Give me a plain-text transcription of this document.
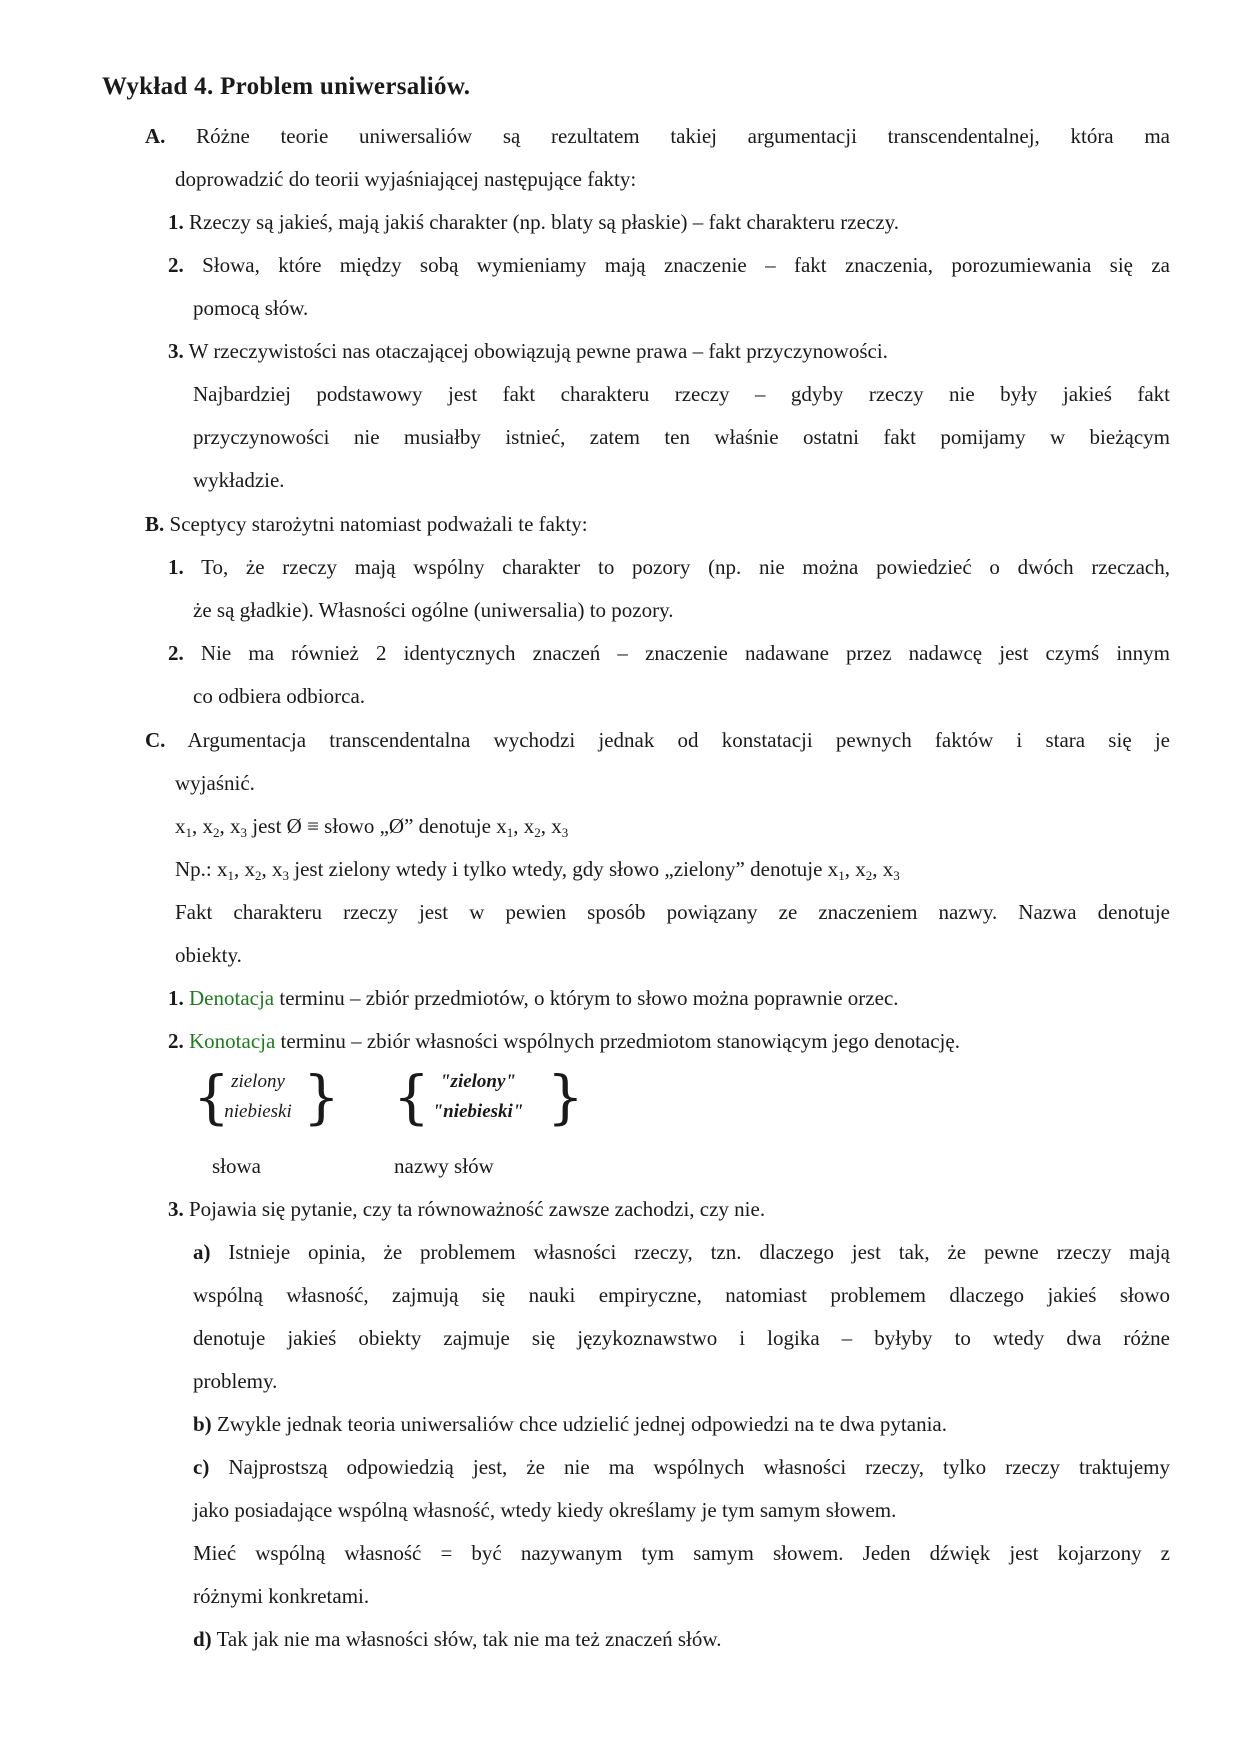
Wykład 4. Problem uniwersaliów.
A. Różne teorie uniwersaliów są rezultatem takiej argumentacji transcendentalnej, która ma
doprowadzić do teorii wyjaśniającej następujące fakty:
1. Rzeczy są jakieś, mają jakiś charakter (np. blaty są płaskie) – fakt charakteru rzeczy.
2. Słowa, które między sobą wymieniamy mają znaczenie – fakt znaczenia, porozumiewania się za
pomocą słów.
3. W rzeczywistości nas otaczającej obowiązują pewne prawa – fakt przyczynowości.
Najbardziej podstawowy jest fakt charakteru rzeczy – gdyby rzeczy nie były jakieś fakt
przyczynowości nie musiałby istnieć, zatem ten właśnie ostatni fakt pomijamy w bieżącym
wykładzie.
B. Sceptycy starożytni natomiast podważali te fakty:
1. To, że rzeczy mają wspólny charakter to pozory (np. nie można powiedzieć o dwóch rzeczach,
że są gładkie). Własności ogólne (uniwersalia) to pozory.
2. Nie ma również 2 identycznych znaczeń – znaczenie nadawane przez nadawcę jest czymś innym
co odbiera odbiorca.
C. Argumentacja transcendentalna wychodzi jednak od konstatacji pewnych faktów i stara się je
wyjaśnić.
$x_1$, $x_2$, $x_3$ jest Ø ≡ słowo „Ø” denotuje $x_1$, $x_2$, $x_3$
Np.: $x_1$, $x_2$, $x_3$ jest zielony wtedy i tylko wtedy, gdy słowo „zielony” denotuje $x_1$, $x_2$, $x_3$
Fakt charakteru rzeczy jest w pewien sposób powiązany ze znaczeniem nazwy. Nazwa denotuje
obiekty.
1. Denotacja terminu – zbiór przedmiotów, o którym to słowo można poprawnie orzec.
2. Konotacja terminu – zbiór własności wspólnych przedmiotom stanowiącym jego denotację.
{ zielony
niebieski } { "zielony"
"niebieski" }
słowa	nazwy słów
3. Pojawia się pytanie, czy ta równoważność zawsze zachodzi, czy nie.
a) Istnieje opinia, że problemem własności rzeczy, tzn. dlaczego jest tak, że pewne rzeczy mają
wspólną własność, zajmują się nauki empiryczne, natomiast problemem dlaczego jakieś słowo
denotuje jakieś obiekty zajmuje się językoznawstwo i logika – byłyby to wtedy dwa różne
problemy.
b) Zwykle jednak teoria uniwersaliów chce udzielić jednej odpowiedzi na te dwa pytania.
c) Najprostszą odpowiedzią jest, że nie ma wspólnych własności rzeczy, tylko rzeczy traktujemy
jako posiadające wspólną własność, wtedy kiedy określamy je tym samym słowem.
Mieć wspólną własność = być nazywanym tym samym słowem. Jeden dźwięk jest kojarzony z
różnymi konkretami.
d) Tak jak nie ma własności słów, tak nie ma też znaczeń słów.
